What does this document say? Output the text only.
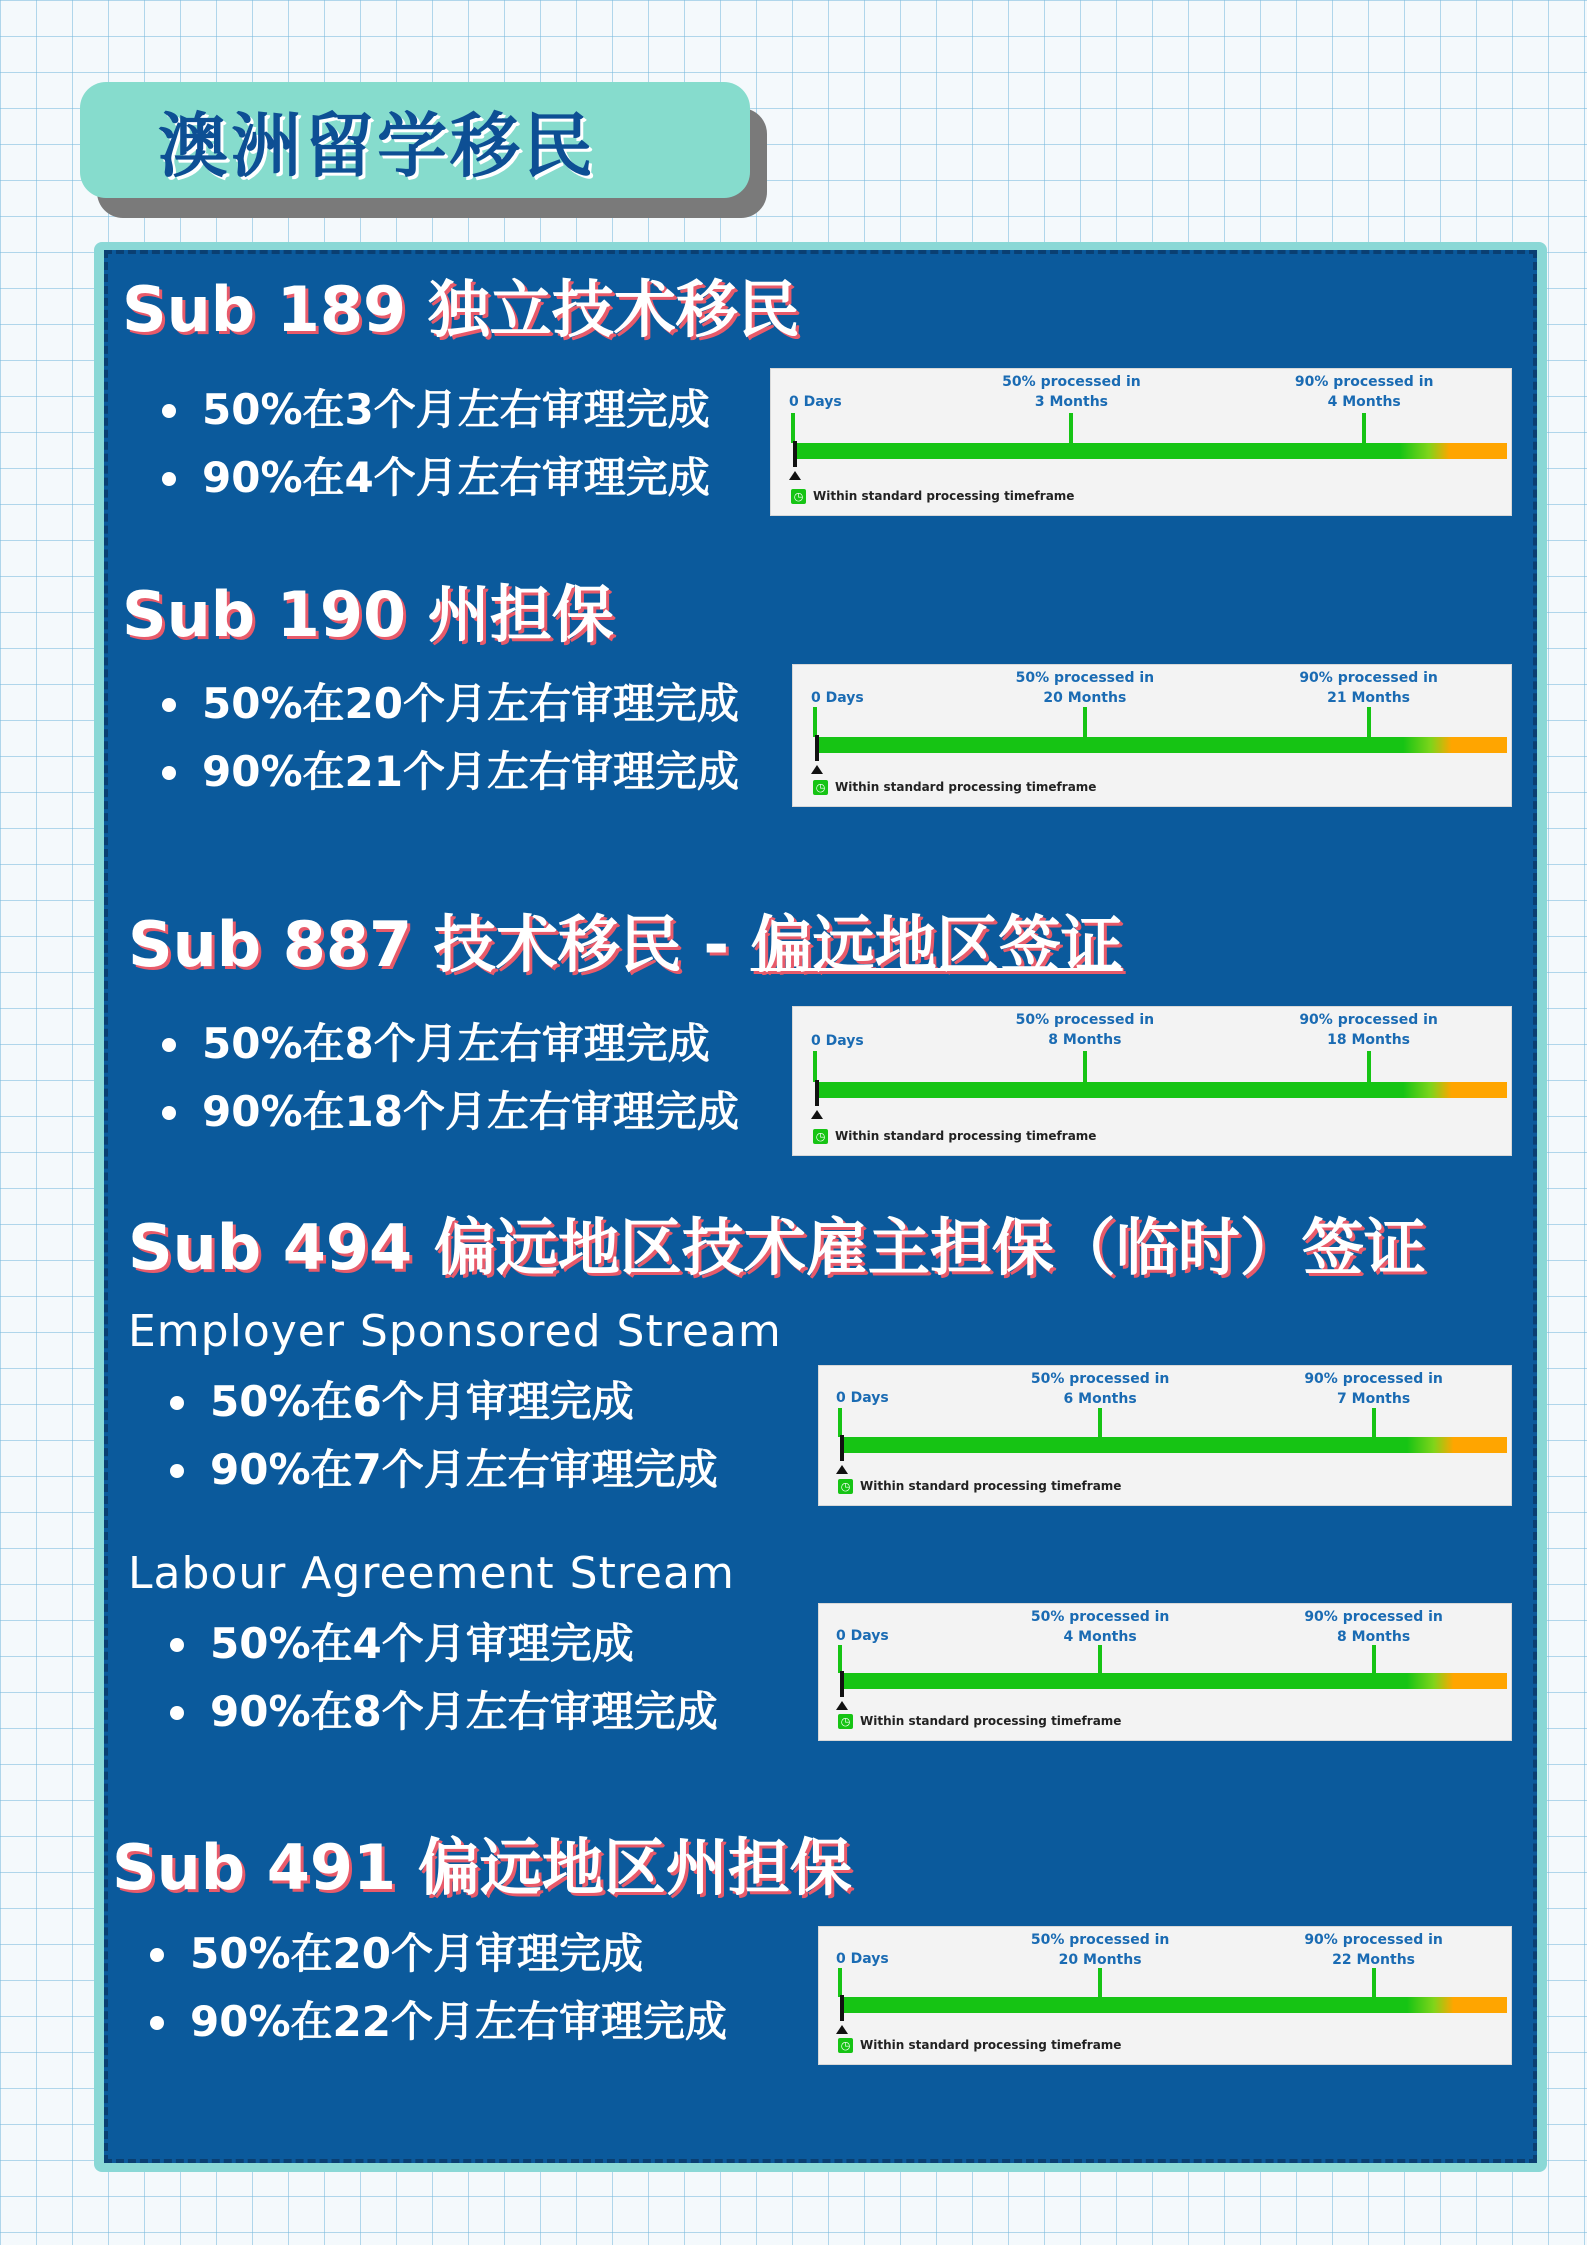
澳洲留学移民
Sub 189 独立技术移民
50%在3个月左右审理完成
90%在4个月左右审理完成
0 Days
50% processed in
3 Months
90% processed in
4 Months
◷ Within standard processing timeframe
Sub 190 州担保
50%在20个月左右审理完成
90%在21个月左右审理完成
0 Days
50% processed in
20 Months
90% processed in
21 Months
◷ Within standard processing timeframe
Sub 887 技术移民 - 偏远地区签证
50%在8个月左右审理完成
90%在18个月左右审理完成
0 Days
50% processed in
8 Months
90% processed in
18 Months
◷ Within standard processing timeframe
Sub 494 偏远地区技术雇主担保（临时）签证
Employer Sponsored Stream
50%在6个月审理完成
90%在7个月左右审理完成
0 Days
50% processed in
6 Months
90% processed in
7 Months
◷ Within standard processing timeframe
Labour Agreement Stream
50%在4个月审理完成
90%在8个月左右审理完成
0 Days
50% processed in
4 Months
90% processed in
8 Months
◷ Within standard processing timeframe
Sub 491 偏远地区州担保
50%在20个月审理完成
90%在22个月左右审理完成
0 Days
50% processed in
20 Months
90% processed in
22 Months
◷ Within standard processing timeframe
